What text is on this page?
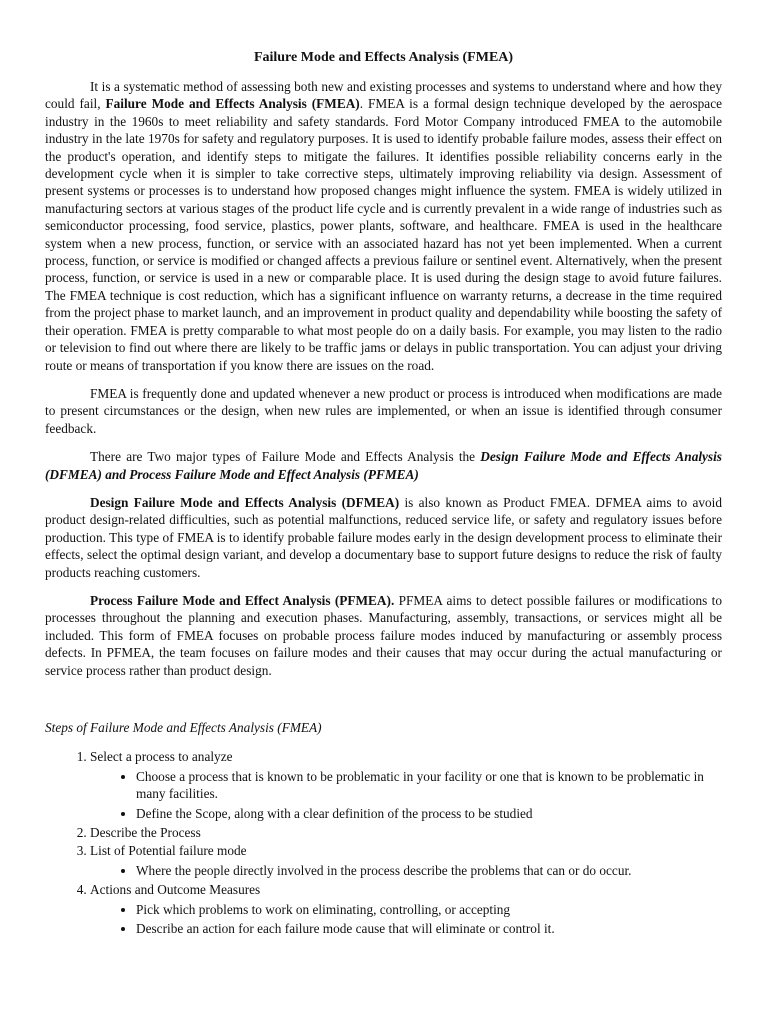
Failure Mode and Effects Analysis (FMEA)

It is a systematic method of assessing both new and existing processes and systems to understand where and how they could fail, Failure Mode and Effects Analysis (FMEA). FMEA is a formal design technique developed by the aerospace industry in the 1960s to meet reliability and safety standards. Ford Motor Company introduced FMEA to the automobile industry in the late 1970s for safety and regulatory purposes. It is used to identify probable failure modes, assess their effect on the product's operation, and identify steps to mitigate the failures. It identifies possible reliability concerns early in the development cycle when it is simpler to take corrective steps, ultimately improving reliability via design. Assessment of present systems or processes is to understand how proposed changes might influence the system. FMEA is widely utilized in manufacturing sectors at various stages of the product life cycle and is currently prevalent in a wide range of industries such as semiconductor processing, food service, plastics, power plants, software, and healthcare. FMEA is used in the healthcare system when a new process, function, or service with an associated hazard has not yet been implemented. When a current process, function, or service is modified or changed affects a previous failure or sentinel event. Alternatively, when the present process, function, or service is used in a new or comparable place. It is used during the design stage to avoid future failures. The FMEA technique is cost reduction, which has a significant influence on warranty returns, a decrease in the time required from the project phase to market launch, and an improvement in product quality and dependability while boosting the safety of their operation. FMEA is pretty comparable to what most people do on a daily basis. For example, you may listen to the radio or television to find out where there are likely to be traffic jams or delays in public transportation. You can adjust your driving route or means of transportation if you know there are issues on the road.

FMEA is frequently done and updated whenever a new product or process is introduced when modifications are made to present circumstances or the design, when new rules are implemented, or when an issue is identified through consumer feedback.

There are Two major types of Failure Mode and Effects Analysis the Design Failure Mode and Effects Analysis (DFMEA) and Process Failure Mode and Effect Analysis (PFMEA)

Design Failure Mode and Effects Analysis (DFMEA) is also known as Product FMEA. DFMEA aims to avoid product design-related difficulties, such as potential malfunctions, reduced service life, or safety and regulatory issues before production. This type of FMEA is to identify probable failure modes early in the design development process to eliminate their effects, select the optimal design variant, and develop a documentary base to support future designs to reduce the risk of faulty products reaching customers.

Process Failure Mode and Effect Analysis (PFMEA). PFMEA aims to detect possible failures or modifications to processes throughout the planning and execution phases. Manufacturing, assembly, transactions, or services might all be included. This form of FMEA focuses on probable process failure modes induced by manufacturing or assembly process defects. In PFMEA, the team focuses on failure modes and their causes that may occur during the actual manufacturing or service process rather than product design.

Steps of Failure Mode and Effects Analysis (FMEA)
1. Select a process to analyze
• Choose a process that is known to be problematic in your facility or one that is known to be problematic in many facilities.
• Define the Scope, along with a clear definition of the process to be studied
2. Describe the Process
3. List of Potential failure mode
• Where the people directly involved in the process describe the problems that can or do occur.
4. Actions and Outcome Measures
• Pick which problems to work on eliminating, controlling, or accepting
• Describe an action for each failure mode cause that will eliminate or control it.
